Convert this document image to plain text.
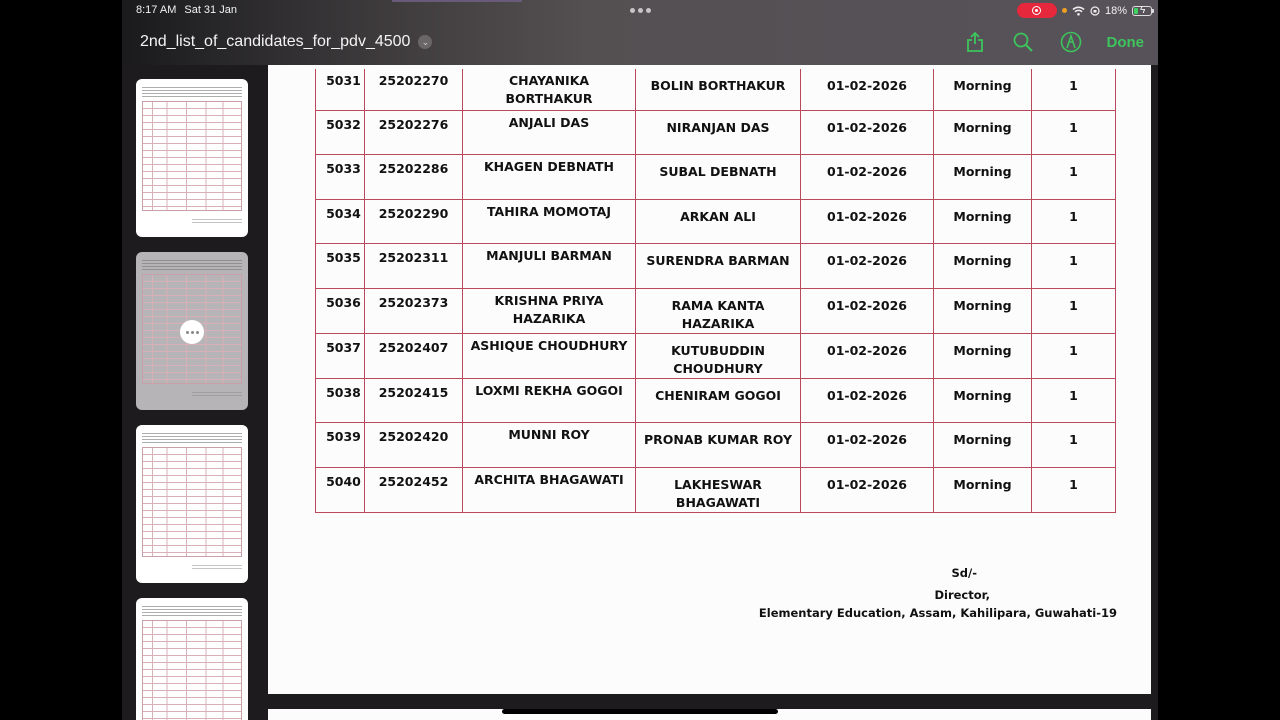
8:17 AM Sat 31 Jan	18% ϟ
2nd_list_of_candidates_for_pdv_4500	⌄	Done
5031	25202270	CHAYANIKA BORTHAKUR	BOLIN BORTHAKUR	01-02-2026	Morning	1
5032	25202276	ANJALI DAS	NIRANJAN DAS	01-02-2026	Morning	1
5033	25202286	KHAGEN DEBNATH	SUBAL DEBNATH	01-02-2026	Morning	1
5034	25202290	TAHIRA MOMOTAJ	ARKAN ALI	01-02-2026	Morning	1
5035	25202311	MANJULI BARMAN	SURENDRA BARMAN	01-02-2026	Morning	1
5036	25202373	KRISHNA PRIYA HAZARIKA	RAMA KANTA HAZARIKA	01-02-2026	Morning	1
5037	25202407	ASHIQUE CHOUDHURY	KUTUBUDDIN CHOUDHURY	01-02-2026	Morning	1
5038	25202415	LOXMI REKHA GOGOI	CHENIRAM GOGOI	01-02-2026	Morning	1
5039	25202420	MUNNI ROY	PRONAB KUMAR ROY	01-02-2026	Morning	1
5040	25202452	ARCHITA BHAGAWATI	LAKHESWAR BHAGAWATI	01-02-2026	Morning	1
Sd/-
Director,
Elementary Education, Assam, Kahilipara, Guwahati-19
